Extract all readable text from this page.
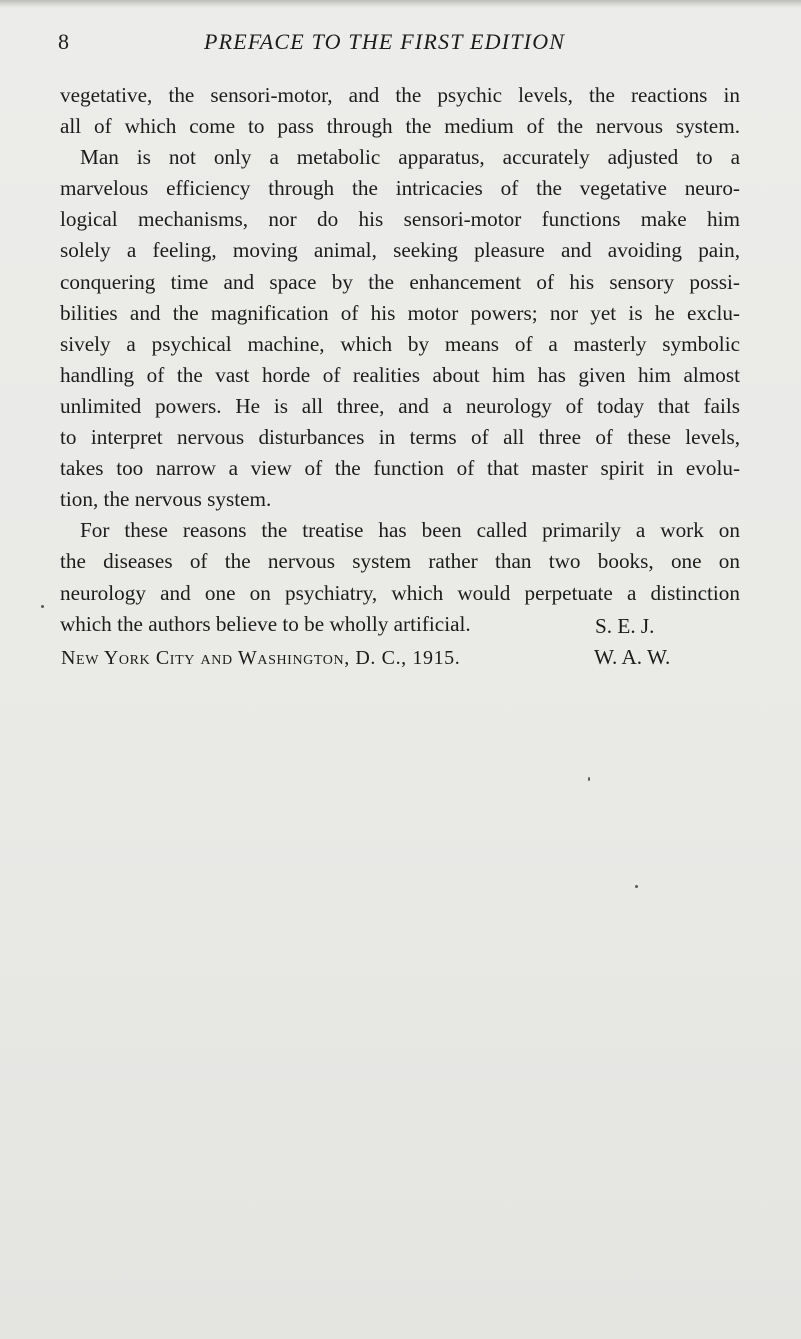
8	PREFACE TO THE FIRST EDITION
vegetative, the sensori-motor, and the psychic levels, the reactions in
all of which come to pass through the medium of the nervous system.
Man is not only a metabolic apparatus, accurately adjusted to a
marvelous efficiency through the intricacies of the vegetative neuro-
logical mechanisms, nor do his sensori-motor functions make him
solely a feeling, moving animal, seeking pleasure and avoiding pain,
conquering time and space by the enhancement of his sensory possi-
bilities and the magnification of his motor powers; nor yet is he exclu-
sively a psychical machine, which by means of a masterly symbolic
handling of the vast horde of realities about him has given him almost
unlimited powers. He is all three, and a neurology of today that fails
to interpret nervous disturbances in terms of all three of these levels,
takes too narrow a view of the function of that master spirit in evolu-
tion, the nervous system.
For these reasons the treatise has been called primarily a work on
the diseases of the nervous system rather than two books, one on
neurology and one on psychiatry, which would perpetuate a distinction
which the authors believe to be wholly artificial.	S. E. J.
W. A. W.
New York City and Washington, D. C., 1915.
